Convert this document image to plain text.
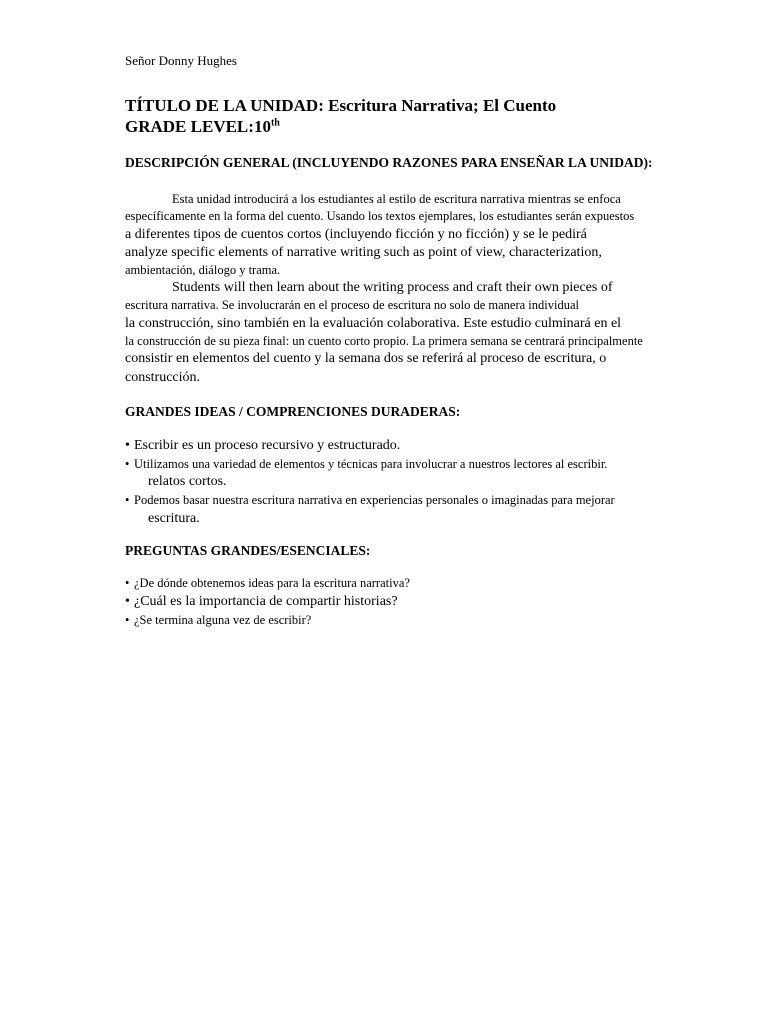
Señor Donny Hughes
TÍTULO DE LA UNIDAD: Escritura Narrativa; El Cuento
GRADE LEVEL:10th
DESCRIPCIÓN GENERAL (INCLUYENDO RAZONES PARA ENSEÑAR LA UNIDAD):
Esta unidad introducirá a los estudiantes al estilo de escritura narrativa mientras se enfoca
específicamente en la forma del cuento. Usando los textos ejemplares, los estudiantes serán expuestos
a diferentes tipos de cuentos cortos (incluyendo ficción y no ficción) y se le pedirá
analyze specific elements of narrative writing such as point of view, characterization,
ambientación, diálogo y trama.
Students will then learn about the writing process and craft their own pieces of
escritura narrativa. Se involucrarán en el proceso de escritura no solo de manera individual
la construcción, sino también en la evaluación colaborativa. Este estudio culminará en el
la construcción de su pieza final: un cuento corto propio. La primera semana se centrará principalmente
consistir en elementos del cuento y la semana dos se referirá al proceso de escritura, o
construcción.
GRANDES IDEAS / COMPRENCIONES DURADERAS:
• Escribir es un proceso recursivo y estructurado.
• Utilizamos una variedad de elementos y técnicas para involucrar a nuestros lectores al escribir.
relatos cortos.
• Podemos basar nuestra escritura narrativa en experiencias personales o imaginadas para mejorar
escritura.
PREGUNTAS GRANDES/ESENCIALES:
• ¿De dónde obtenemos ideas para la escritura narrativa?
• ¿Cuál es la importancia de compartir historias?
• ¿Se termina alguna vez de escribir?
